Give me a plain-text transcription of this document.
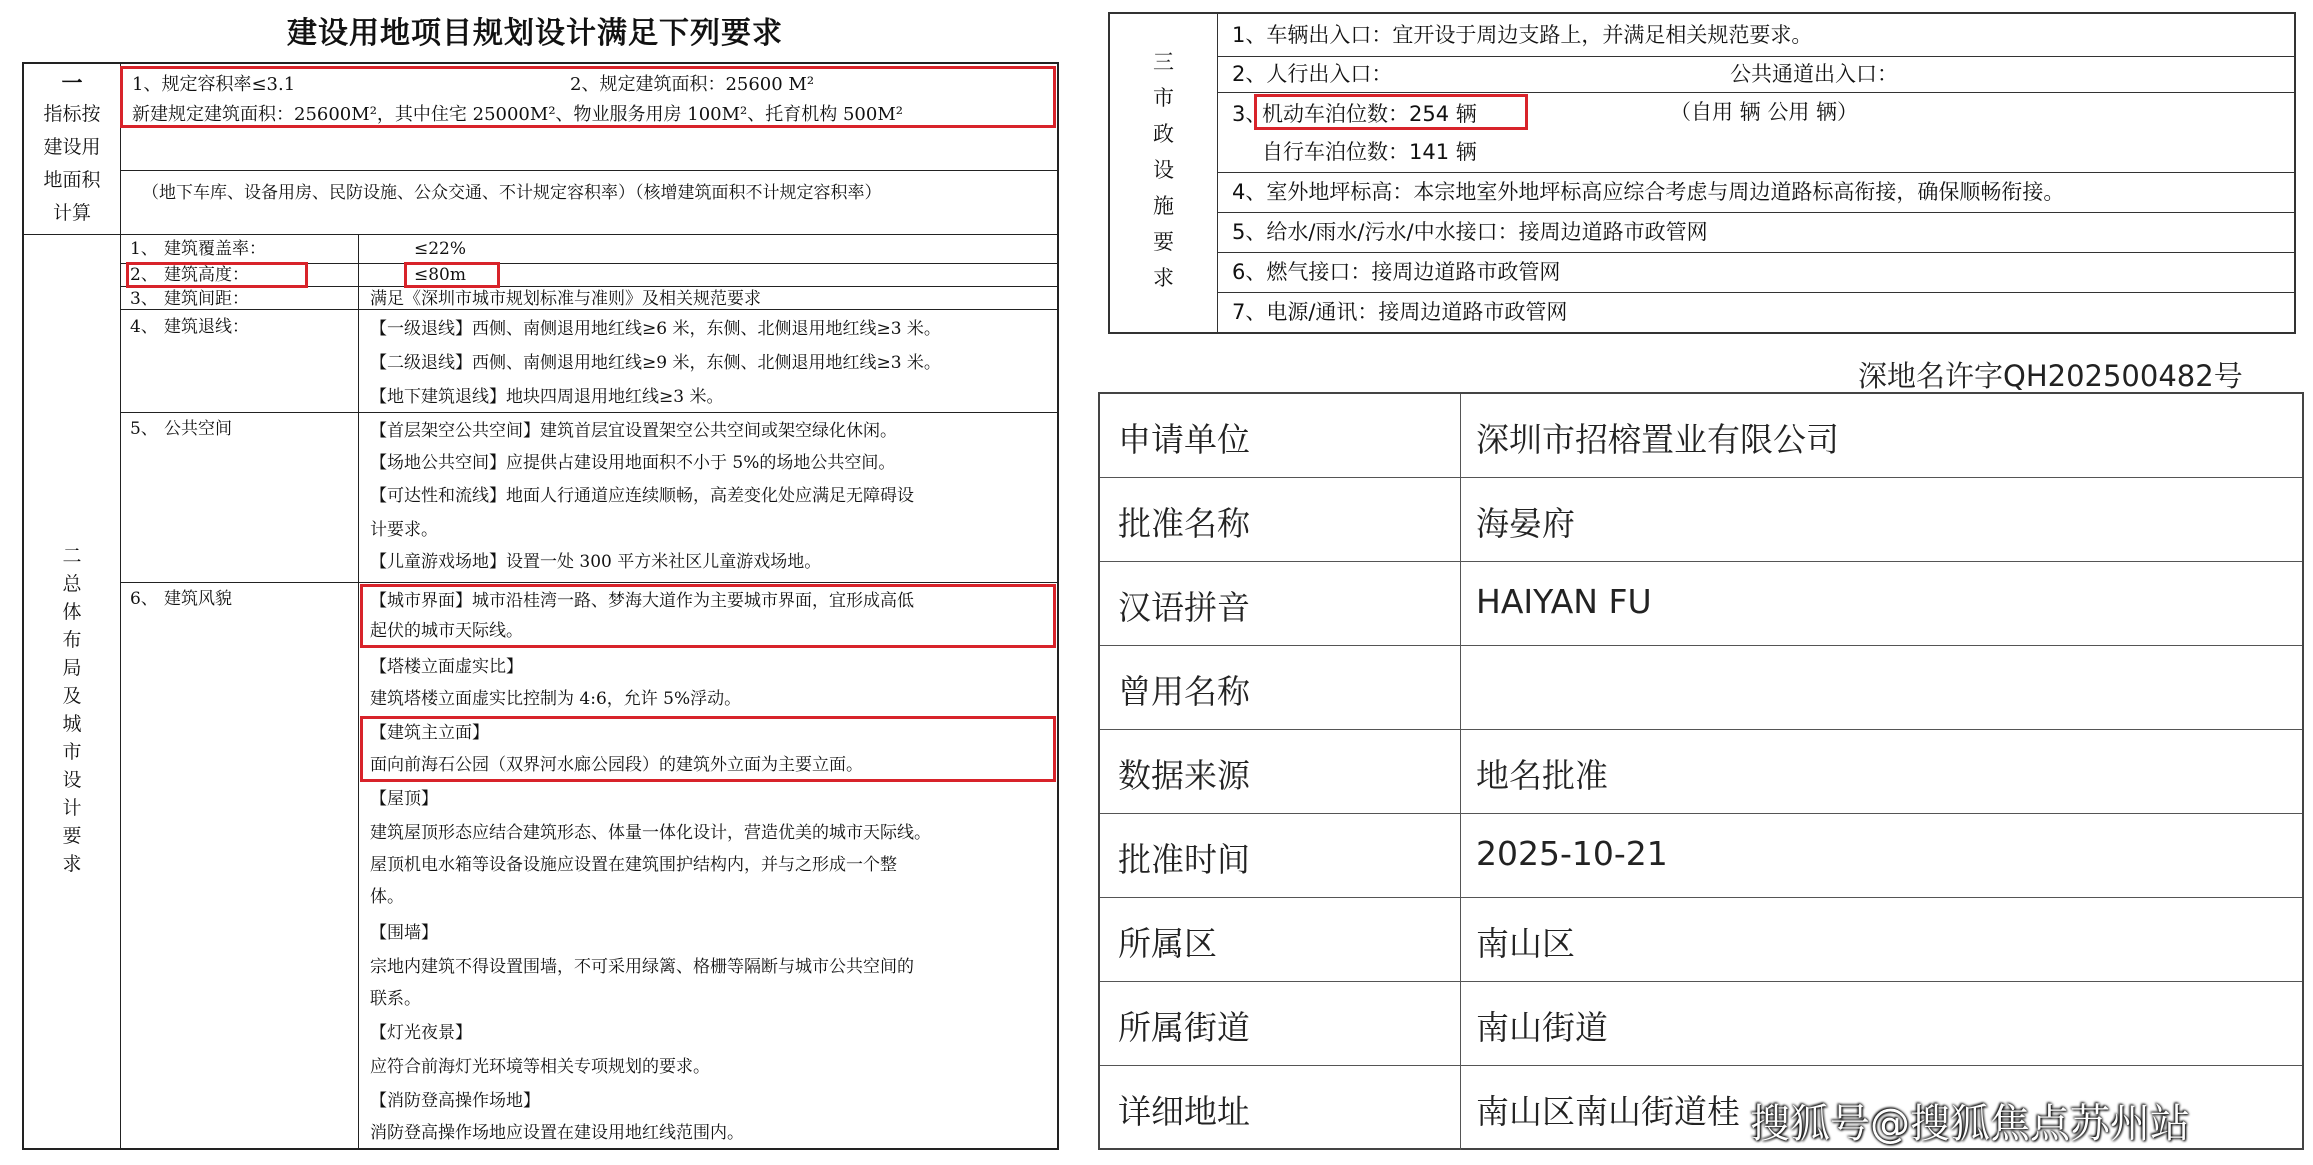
建设用地项目规划设计满足下列要求
一
指标按
建设用
地面积
计算
1、规定容积率≤3.1	2、规定建筑面积：25600 M²
新建规定建筑面积：25600M²，其中住宅 25000M²、物业服务用房 100M²、托育机构 500M²
（地下车库、设备用房、民防设施、公众交通、不计规定容积率）（核增建筑面积不计规定容积率）
二
总
体
布
局
及
城
市
设
计
要
求
1、 建筑覆盖率：	≤22%
2、 建筑高度：	≤80m
3、 建筑间距：	满足《深圳市城市规划标准与准则》及相关规范要求
4、 建筑退线：	【一级退线】西侧、南侧退用地红线≥6 米，东侧、北侧退用地红线≥3 米。
【二级退线】西侧、南侧退用地红线≥9 米，东侧、北侧退用地红线≥3 米。
【地下建筑退线】地块四周退用地红线≥3 米。
5、 公共空间	【首层架空公共空间】建筑首层宜设置架空公共空间或架空绿化休闲。
【场地公共空间】应提供占建设用地面积不小于 5%的场地公共空间。
【可达性和流线】地面人行通道应连续顺畅，高差变化处应满足无障碍设
计要求。
【儿童游戏场地】设置一处 300 平方米社区儿童游戏场地。
6、 建筑风貌	【城市界面】城市沿桂湾一路、梦海大道作为主要城市界面，宜形成高低
起伏的城市天际线。
【塔楼立面虚实比】
建筑塔楼立面虚实比控制为 4:6，允许 5%浮动。
【建筑主立面】
面向前海石公园（双界河水廊公园段）的建筑外立面为主要立面。
【屋顶】
建筑屋顶形态应结合建筑形态、体量一体化设计，营造优美的城市天际线。
屋顶机电水箱等设备设施应设置在建筑围护结构内，并与之形成一个整
体。
【围墙】
宗地内建筑不得设置围墙，不可采用绿篱、格栅等隔断与城市公共空间的
联系。
【灯光夜景】
应符合前海灯光环境等相关专项规划的要求。
【消防登高操作场地】
消防登高操作场地应设置在建设用地红线范围内。
三
市
政
设
施
要
求
1、车辆出入口：宜开设于周边支路上，并满足相关规范要求。
2、人行出入口：	公共通道出入口：
3、
机动车泊位数：254 辆	（自用 辆 公用 辆）
自行车泊位数：141 辆
4、室外地坪标高：本宗地室外地坪标高应综合考虑与周边道路标高衔接，确保顺畅衔接。
5、给水/雨水/污水/中水接口：接周边道路市政管网
6、燃气接口：接周边道路市政管网
7、电源/通讯：接周边道路市政管网
深地名许字QH202500482号
申请单位	深圳市招榕置业有限公司
批准名称	海晏府
汉语拼音	HAIYAN FU
曾用名称
数据来源	地名批准
批准时间	2025-10-21
所属区	南山区
所属街道	南山街道
详细地址	南山区南山街道桂 搜狐号@搜狐焦点苏州站
